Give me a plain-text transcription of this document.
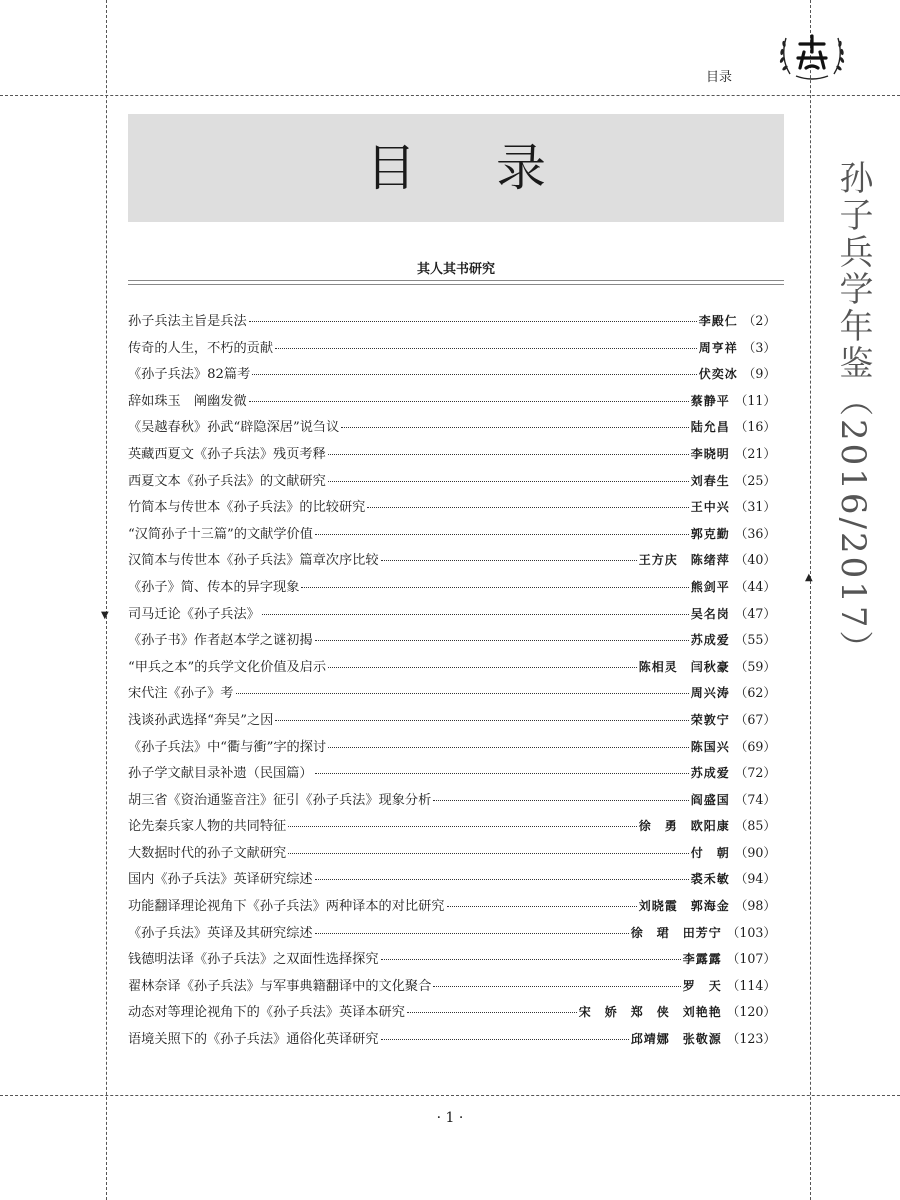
▼
▲
目录
目录
其人其书研究
孙子兵法主旨是兵法	李殿仁 （2）
传奇的人生，不朽的贡献	周亨祥 （3）
《孙子兵法》82篇考	伏奕冰 （9）
辞如珠玉　阐幽发微	蔡静平 （11）
《吴越春秋》孙武“辟隐深居”说刍议	陆允昌 （16）
英藏西夏文《孙子兵法》残页考释	李晓明 （21）
西夏文本《孙子兵法》的文献研究	刘春生 （25）
竹简本与传世本《孙子兵法》的比较研究	王中兴 （31）
“汉简孙子十三篇”的文献学价值	郭克勤 （36）
汉简本与传世本《孙子兵法》篇章次序比较	王方庆　陈绪萍 （40）
《孙子》简、传本的异字现象	熊剑平 （44）
司马迁论《孙子兵法》	吴名岗 （47）
《孙子书》作者赵本学之谜初揭	苏成爱 （55）
“甲兵之本”的兵学文化价值及启示	陈相灵　闫秋豪 （59）
宋代注《孙子》考	周兴涛 （62）
浅谈孙武选择“奔吴”之因	荣敦宁 （67）
《孙子兵法》中“衢与衝”字的探讨	陈国兴 （69）
孙子学文献目录补遗（民国篇）	苏成爱 （72）
胡三省《资治通鉴音注》征引《孙子兵法》现象分析	阎盛国 （74）
论先秦兵家人物的共同特征	徐　勇　欧阳康 （85）
大数据时代的孙子文献研究	付　朝 （90）
国内《孙子兵法》英译研究综述	裘禾敏 （94）
功能翻译理论视角下《孙子兵法》两种译本的对比研究	刘晓霞　郭海金 （98）
《孙子兵法》英译及其研究综述	徐　珺　田芳宁 （103）
钱德明法译《孙子兵法》之双面性选择探究	李露露 （107）
翟林奈译《孙子兵法》与军事典籍翻译中的文化聚合	罗　天 （114）
动态对等理论视角下的《孙子兵法》英译本研究	宋　娇　郑　侠　刘艳艳 （120）
语境关照下的《孙子兵法》通俗化英译研究	邱靖娜　张敬源 （123）
孙子兵学年鉴（2016/2017）
· 1 ·
